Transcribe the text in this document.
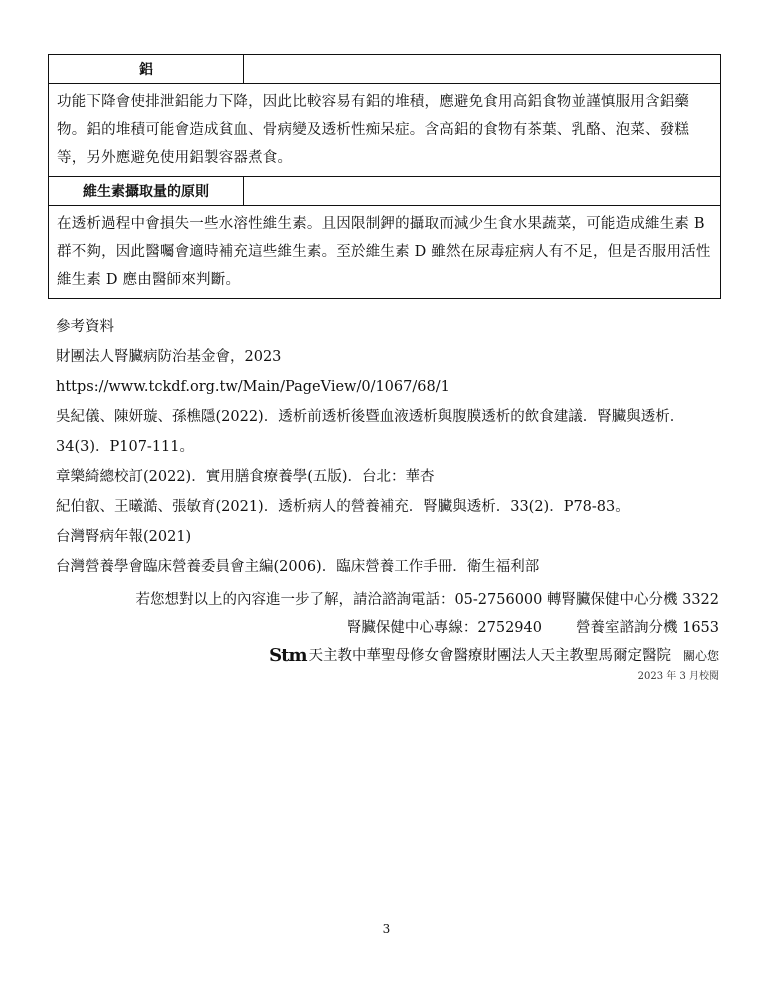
鋁	
功能下降會使排泄鋁能力下降，因此比較容易有鋁的堆積，應避免食用高鋁食物並謹慎服用含鋁藥物。鋁的堆積可能會造成貧血、骨病變及透析性痴呆症。含高鋁的食物有茶葉、乳酪、泡菜、發糕等，另外應避免使用鋁製容器煮食。	
維生素攝取量的原則	
在透析過程中會損失一些水溶性維生素。且因限制鉀的攝取而減少生食水果蔬菜，可能造成維生素 B 群不夠，因此醫囑會適時補充這些維生素。至於維生素 D 雖然在尿毒症病人有不足，但是否服用活性維生素 D 應由醫師來判斷。	
參考資料
財團法人腎臟病防治基金會，2023
https://www.tckdf.org.tw/Main/PageView/0/1067/68/1
吳紀儀、陳妍璇、孫樵隱(2022)．透析前透析後暨血液透析與腹膜透析的飲食建議．腎臟與透析．34(3)．P107-111。
章樂綺總校訂(2022)．實用膳食療養學(五版)．台北：華杏
紀伯叡、王曦澔、張敏育(2021)．透析病人的營養補充．腎臟與透析．33(2)．P78-83。
台灣腎病年報(2021)
台灣營養學會臨床營養委員會主編(2006)．臨床營養工作手冊．衛生福利部
若您想對以上的內容進一步了解，請洽諮詢電話：05-2756000 轉腎臟保健中心分機 3322
腎臟保健中心專線：2752940 營養室諮詢分機 1653
Stm 天主教中華聖母修女會醫療財團法人天主教聖馬爾定醫院 關心您
2023 年 3 月校閱
3
